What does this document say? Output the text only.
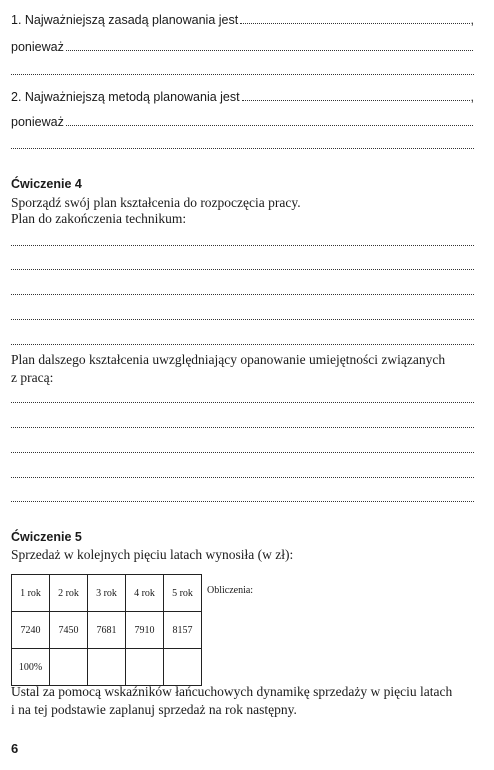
1. Najważniejszą zasadą planowania jest	,
ponieważ
2. Najważniejszą metodą planowania jest	,
ponieważ
Ćwiczenie 4
Sporządź swój plan kształcenia do rozpoczęcia pracy.
Plan do zakończenia technikum:
Plan dalszego kształcenia uwzględniający opanowanie umiejętności związanych
z pracą:
Ćwiczenie 5
Sprzedaż w kolejnych pięciu latach wynosiła (w zł):
1 rok	2 rok	3 rok	4 rok	5 rok
7240	7450	7681	7910	8157
100%				
Obliczenia:
Ustal za pomocą wskaźników łańcuchowych dynamikę sprzedaży w pięciu latach
i na tej podstawie zaplanuj sprzedaż na rok następny.
6
